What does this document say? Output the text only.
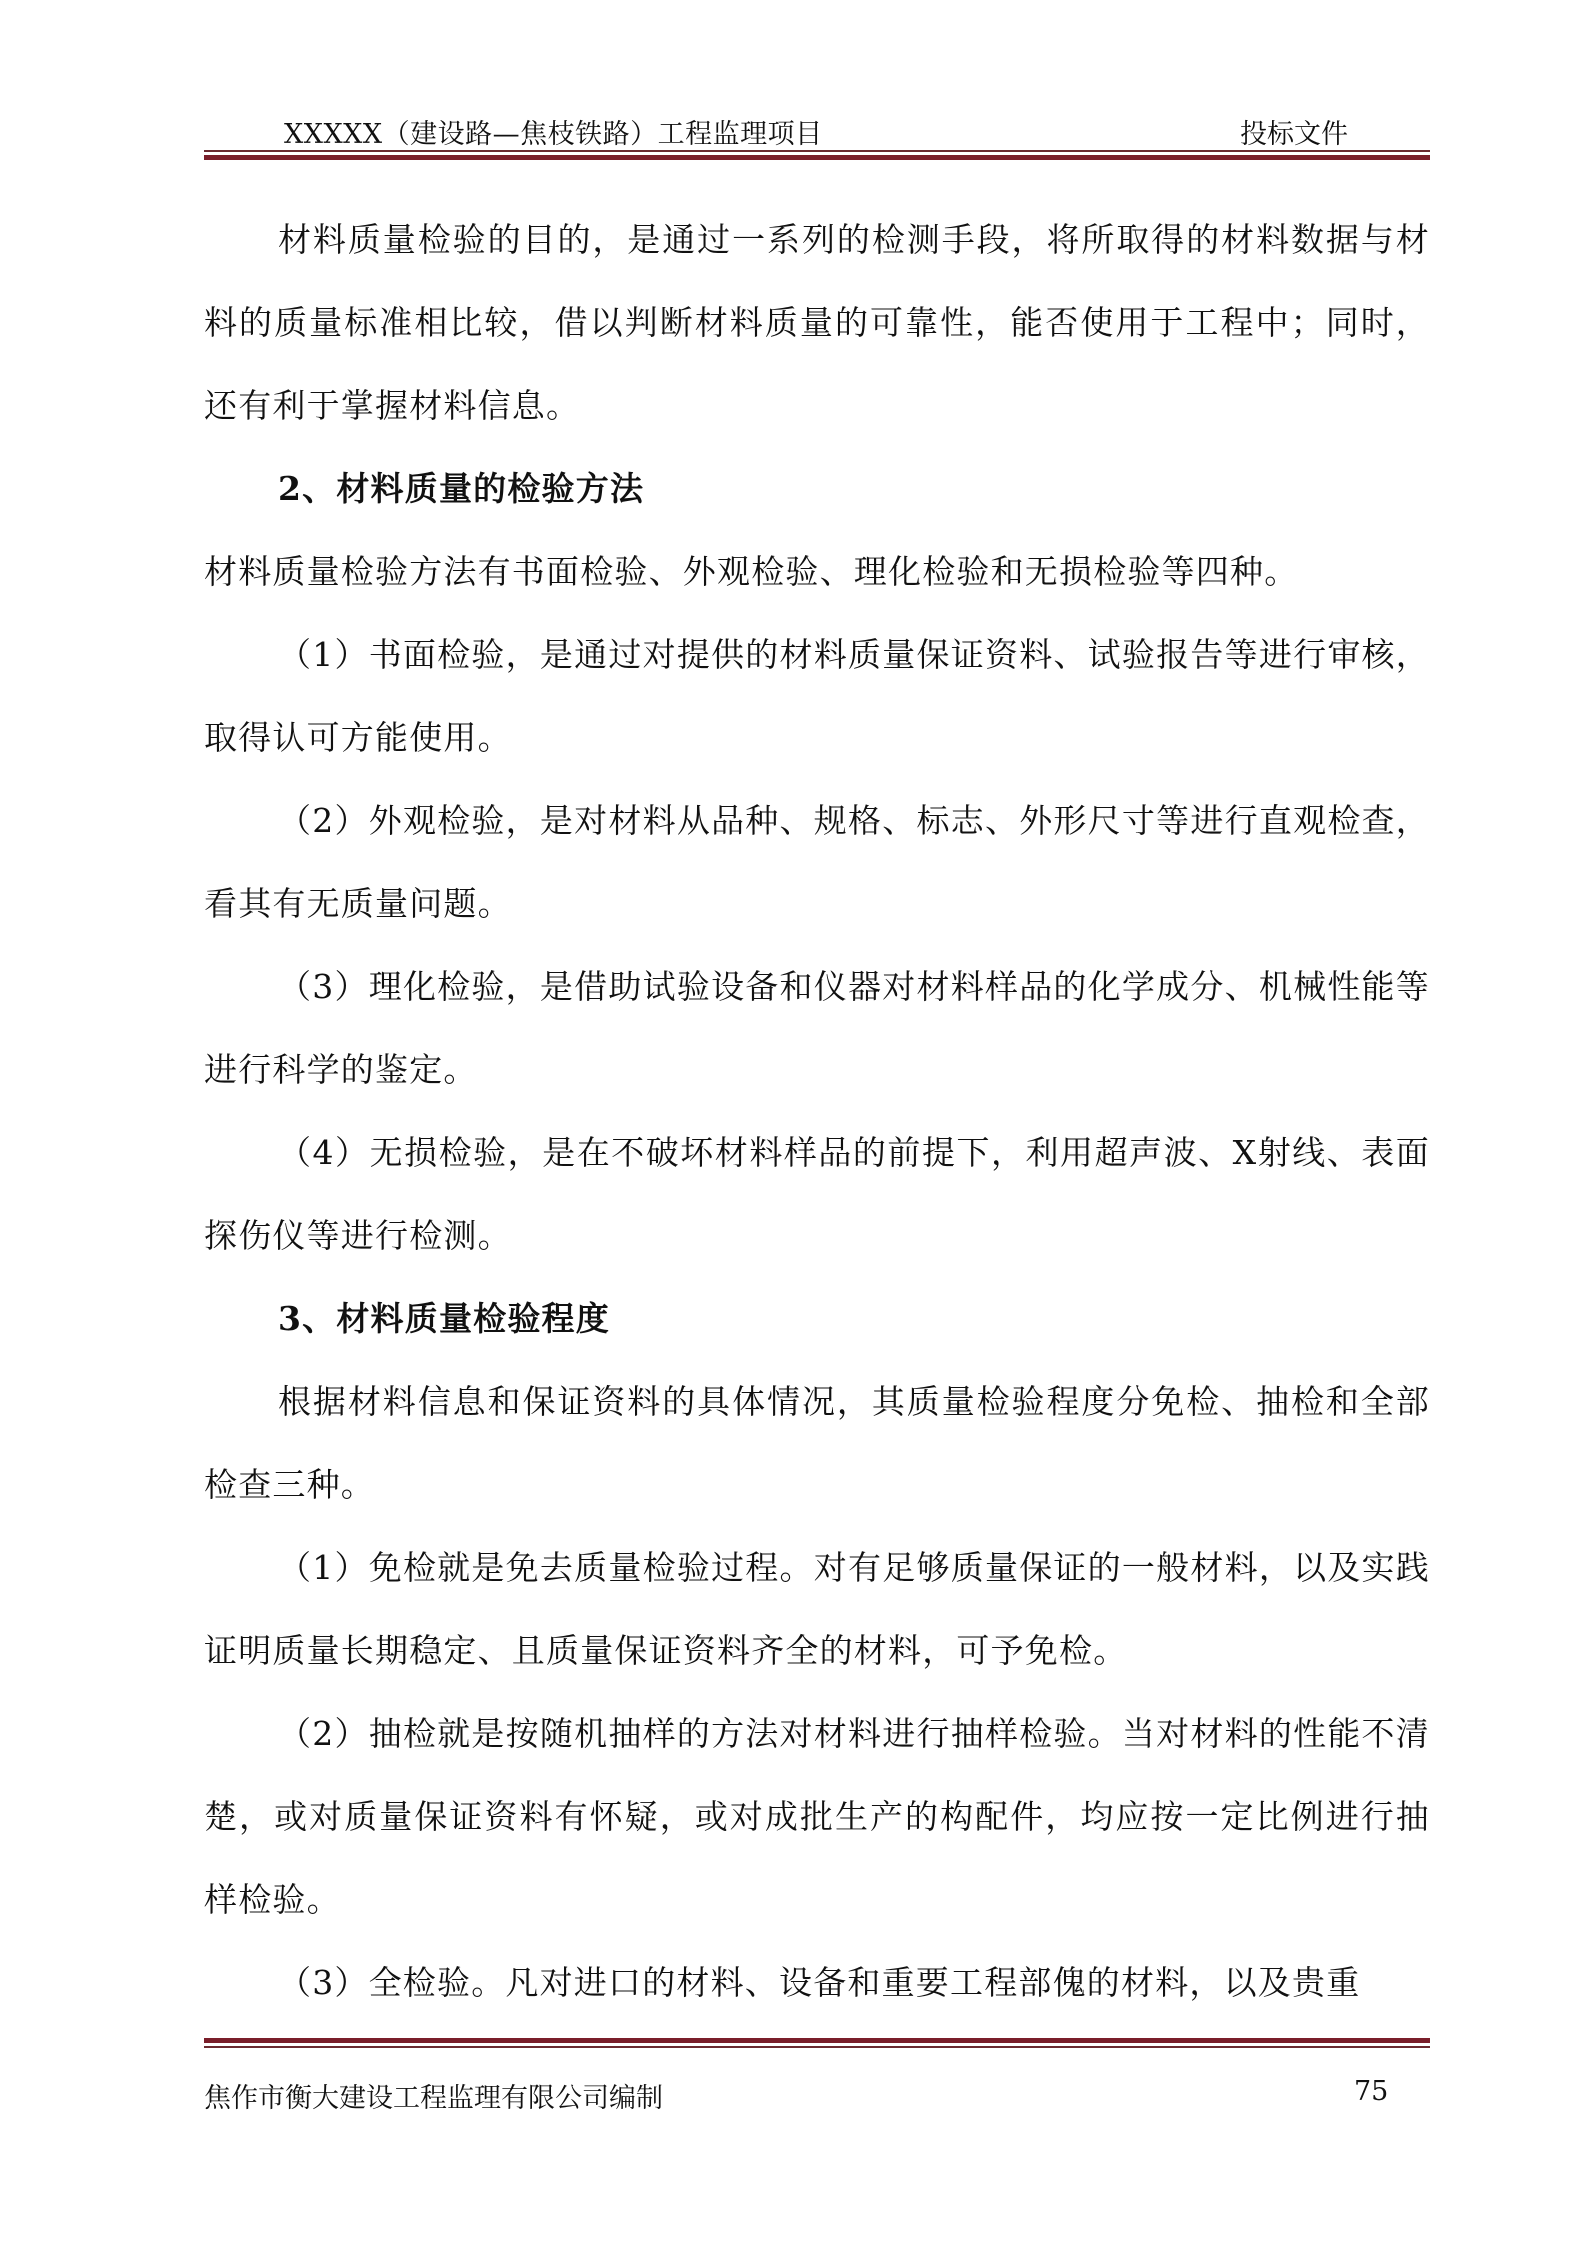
XXXXX（建设路—焦枝铁路）工程监理项目	投标文件

材料质量检验的目的，是通过一系列的检测手段，将所取得的材料数据与材料的质量标准相比较，借以判断材料质量的可靠性，能否使用于工程中；同时，还有利于掌握材料信息。

2、材料质量的检验方法

材料质量检验方法有书面检验、外观检验、理化检验和无损检验等四种。

（1）书面检验，是通过对提供的材料质量保证资料、试验报告等进行审核，取得认可方能使用。

（2）外观检验，是对材料从品种、规格、标志、外形尺寸等进行直观检查，看其有无质量问题。

（3）理化检验，是借助试验设备和仪器对材料样品的化学成分、机械性能等进行科学的鉴定。

（4）无损检验，是在不破坏材料样品的前提下，利用超声波、X射线、表面探伤仪等进行检测。

3、材料质量检验程度

根据材料信息和保证资料的具体情况，其质量检验程度分免检、抽检和全部检查三种。

（1）免检就是免去质量检验过程。对有足够质量保证的一般材料，以及实践证明质量长期稳定、且质量保证资料齐全的材料，可予免检。

（2）抽检就是按随机抽样的方法对材料进行抽样检验。当对材料的性能不清楚，或对质量保证资料有怀疑，或对成批生产的构配件，均应按一定比例进行抽样检验。

（3）全检验。凡对进口的材料、设备和重要工程部傀的材料，以及贵重

焦作市衡大建设工程监理有限公司编制	75
